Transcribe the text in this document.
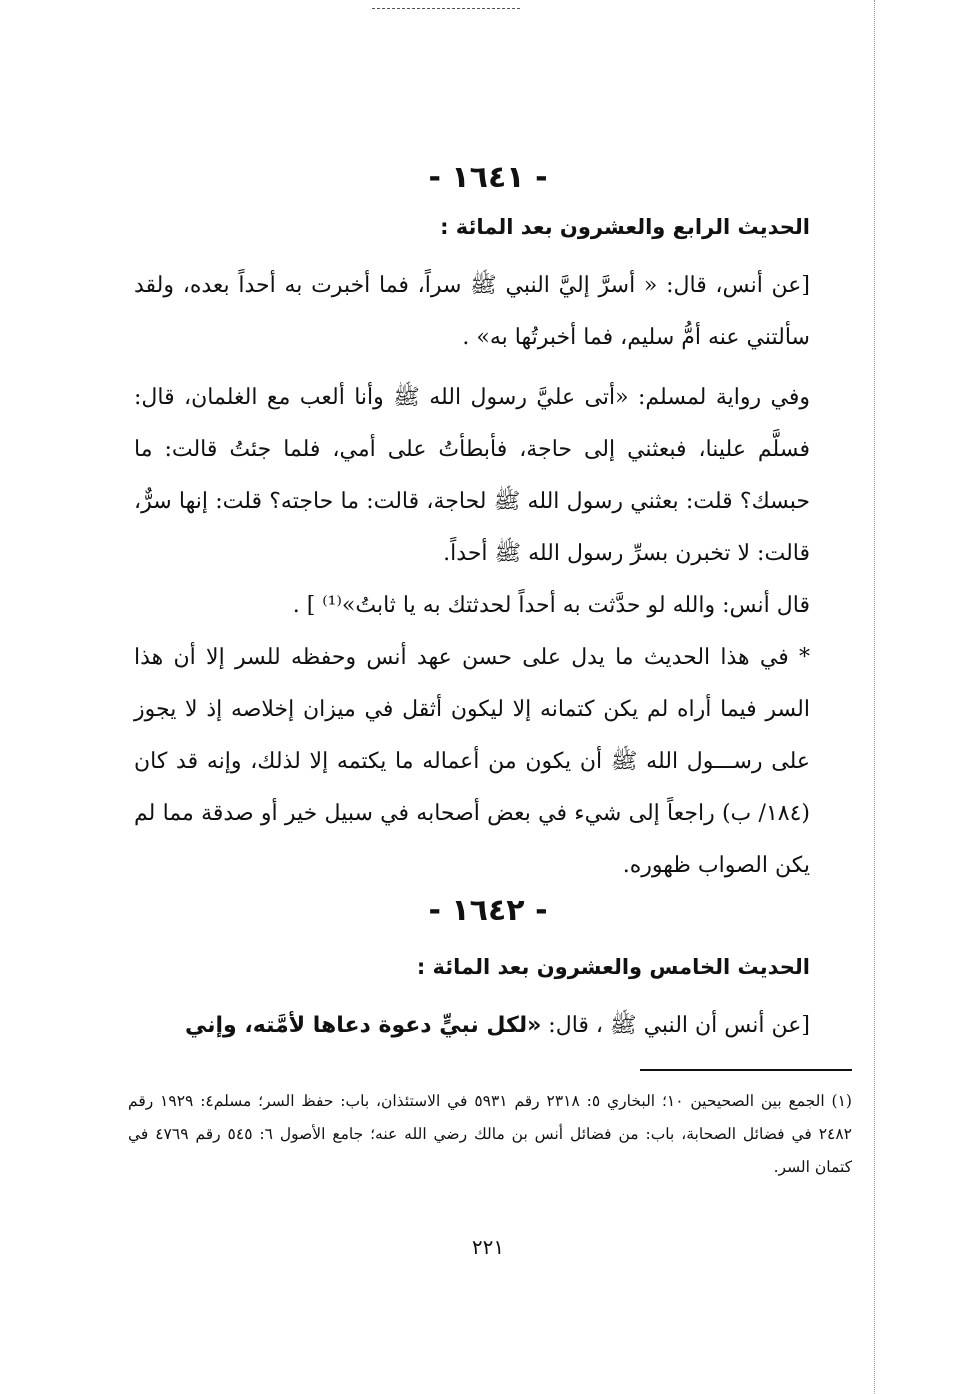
- ١٦٤١ -
الحديث الرابع والعشرون بعد المائة :

[عن أنس، قال: « أسرَّ إليَّ النبي ﷺ سراً، فما أخبرت به أحداً بعده، ولقد سألتني عنه أمُّ سليم، فما أخبرتُها به» .

وفي رواية لمسلم: «أتى عليَّ رسول الله ﷺ وأنا ألعب مع الغلمان، قال: فسلَّم علينا، فبعثني إلى حاجة، فأبطأتُ على أمي، فلما جئتُ قالت: ما حبسك؟ قلت: بعثني رسول الله ﷺ لحاجة، قالت: ما حاجته؟ قلت: إنها سرٌّ، قالت: لا تخبرن بسرِّ رسول الله ﷺ أحداً.

قال أنس: والله لو حدَّثت به أحداً لحدثتك به يا ثابتُ»⁽¹⁾ ] .

* في هذا الحديث ما يدل على حسن عهد أنس وحفظه للسر إلا أن هذا السر فيما أراه لم يكن كتمانه إلا ليكون أثقل في ميزان إخلاصه إذ لا يجوز على رســـول الله ﷺ أن يكون من أعماله ما يكتمه إلا لذلك، وإنه قد كان (١٨٤/ ب) راجعاً إلى شيء في بعض أصحابه في سبيل خير أو صدقة مما لم يكن الصواب ظهوره.

- ١٦٤٢ -
الحديث الخامس والعشرون بعد المائة :

[عن أنس أن النبي ﷺ ، قال: «لكل نبيٍّ دعوة دعاها لأمَّته، وإني

(١) الجمع بين الصحيحين ١٠؛ البخاري ٥: ٢٣١٨ رقم ٥٩٣١ في الاستئذان، باب: حفظ السر؛ مسلم٤: ١٩٢٩ رقم ٢٤٨٢ في فضائل الصحابة، باب: من فضائل أنس بن مالك رضي الله عنه؛ جامع الأصول ٦: ٥٤٥ رقم ٤٧٦٩ في كتمان السر.

٢٢١
